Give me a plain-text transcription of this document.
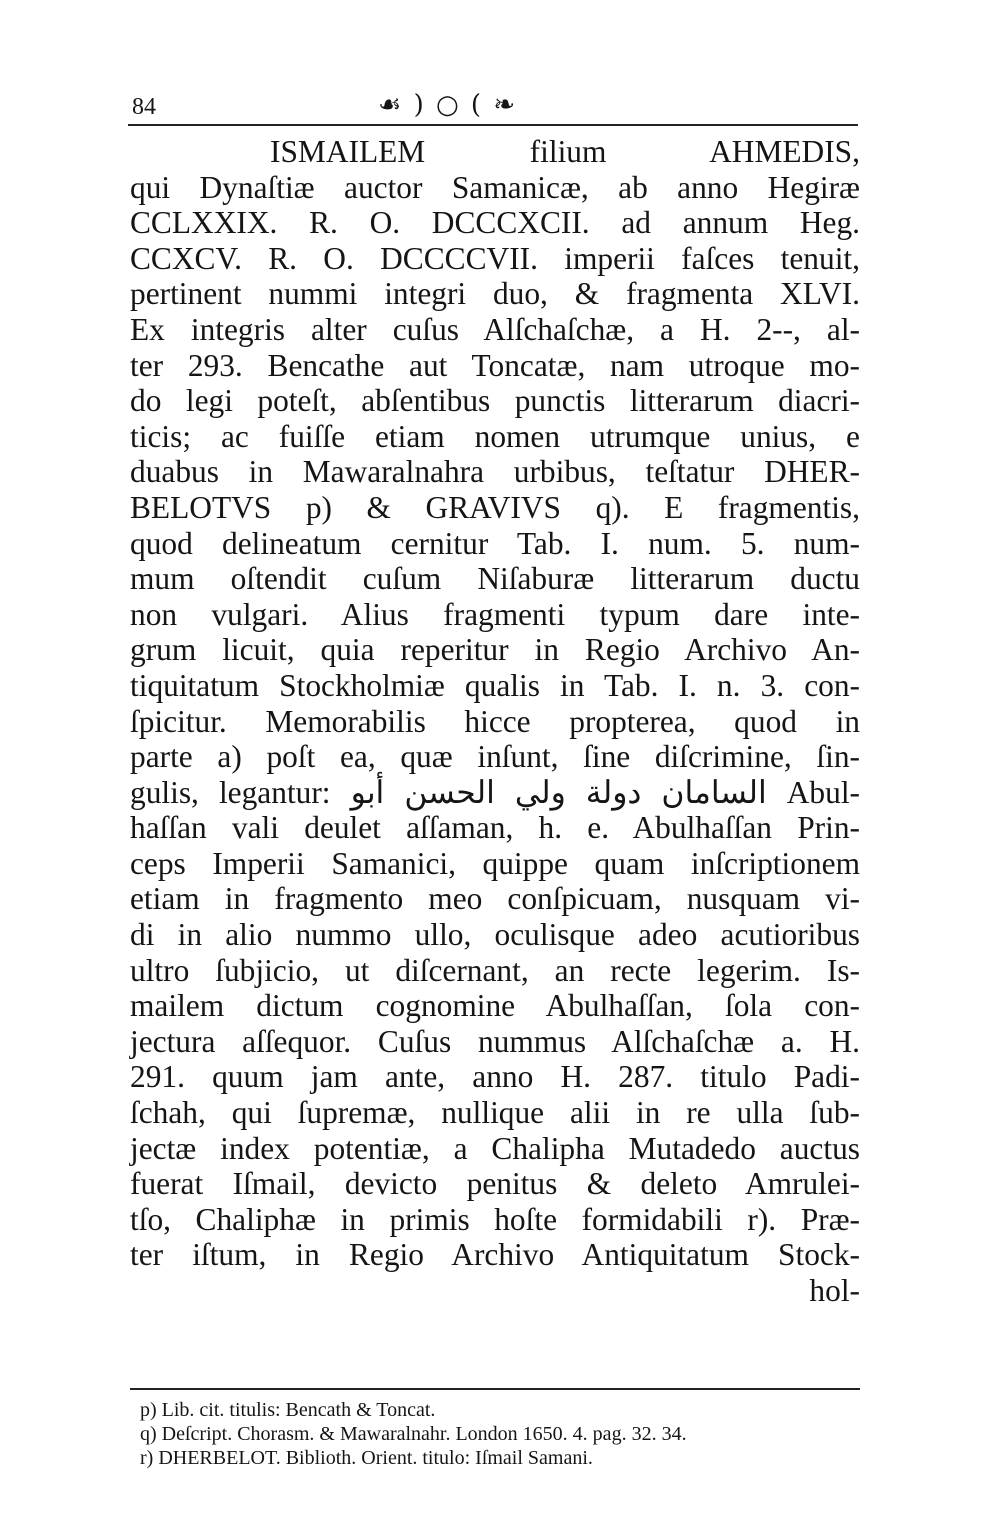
84	☙ ) ○ ( ❧
ISMAILEM filium AHMEDIS,
qui Dynaſtiæ auctor Samanicæ, ab anno Hegiræ
CCLXXIX. R. O. DCCCXCII. ad annum Heg.
CCXCV. R. O. DCCCCVII. imperii faſces tenuit,
pertinent nummi integri duo, & fragmenta XLVI.
Ex integris alter cuſus Alſchaſchæ, a H. 2--, al-
ter 293. Bencathe aut Toncatæ, nam utroque mo-
do legi poteſt, abſentibus punctis litterarum diacri-
ticis; ac fuiſſe etiam nomen utrumque unius, e
duabus in Mawaralnahra urbibus, teſtatur DHER-
BELOTVS p) & GRAVIVS q). E fragmentis,
quod delineatum cernitur Tab. I. num. 5. num-
mum oſtendit cuſum Niſaburæ litterarum ductu
non vulgari. Alius fragmenti typum dare inte-
grum licuit, quia reperitur in Regio Archivo An-
tiquitatum Stockholmiæ qualis in Tab. I. n. 3. con-
ſpicitur. Memorabilis hicce propterea, quod in
parte a) poſt ea, quæ inſunt, ſine diſcrimine, ſin-
gulis, legantur: السامان دولة ولي الحسن أبو Abul-
haſſan vali deulet aſſaman, h. e. Abulhaſſan Prin-
ceps Imperii Samanici, quippe quam inſcriptionem
etiam in fragmento meo conſpicuam, nusquam vi-
di in alio nummo ullo, oculisque adeo acutioribus
ultro ſubjicio, ut diſcernant, an recte legerim. Is-
mailem dictum cognomine Abulhaſſan, ſola con-
jectura aſſequor. Cuſus nummus Alſchaſchæ a. H.
291. quum jam ante, anno H. 287. titulo Padi-
ſchah, qui ſupremæ, nullique alii in re ulla ſub-
jectæ index potentiæ, a Chalipha Mutadedo auctus
fuerat Iſmail, devicto penitus & deleto Amrulei-
tſo, Chaliphæ in primis hoſte formidabili r). Præ-
ter iſtum, in Regio Archivo Antiquitatum Stock-
hol-
p) Lib. cit. titulis: Bencath & Toncat.
q) Deſcript. Chorasm. & Mawaralnahr. London 1650. 4. pag. 32. 34.
r) DHERBELOT. Biblioth. Orient. titulo: Iſmail Samani.
